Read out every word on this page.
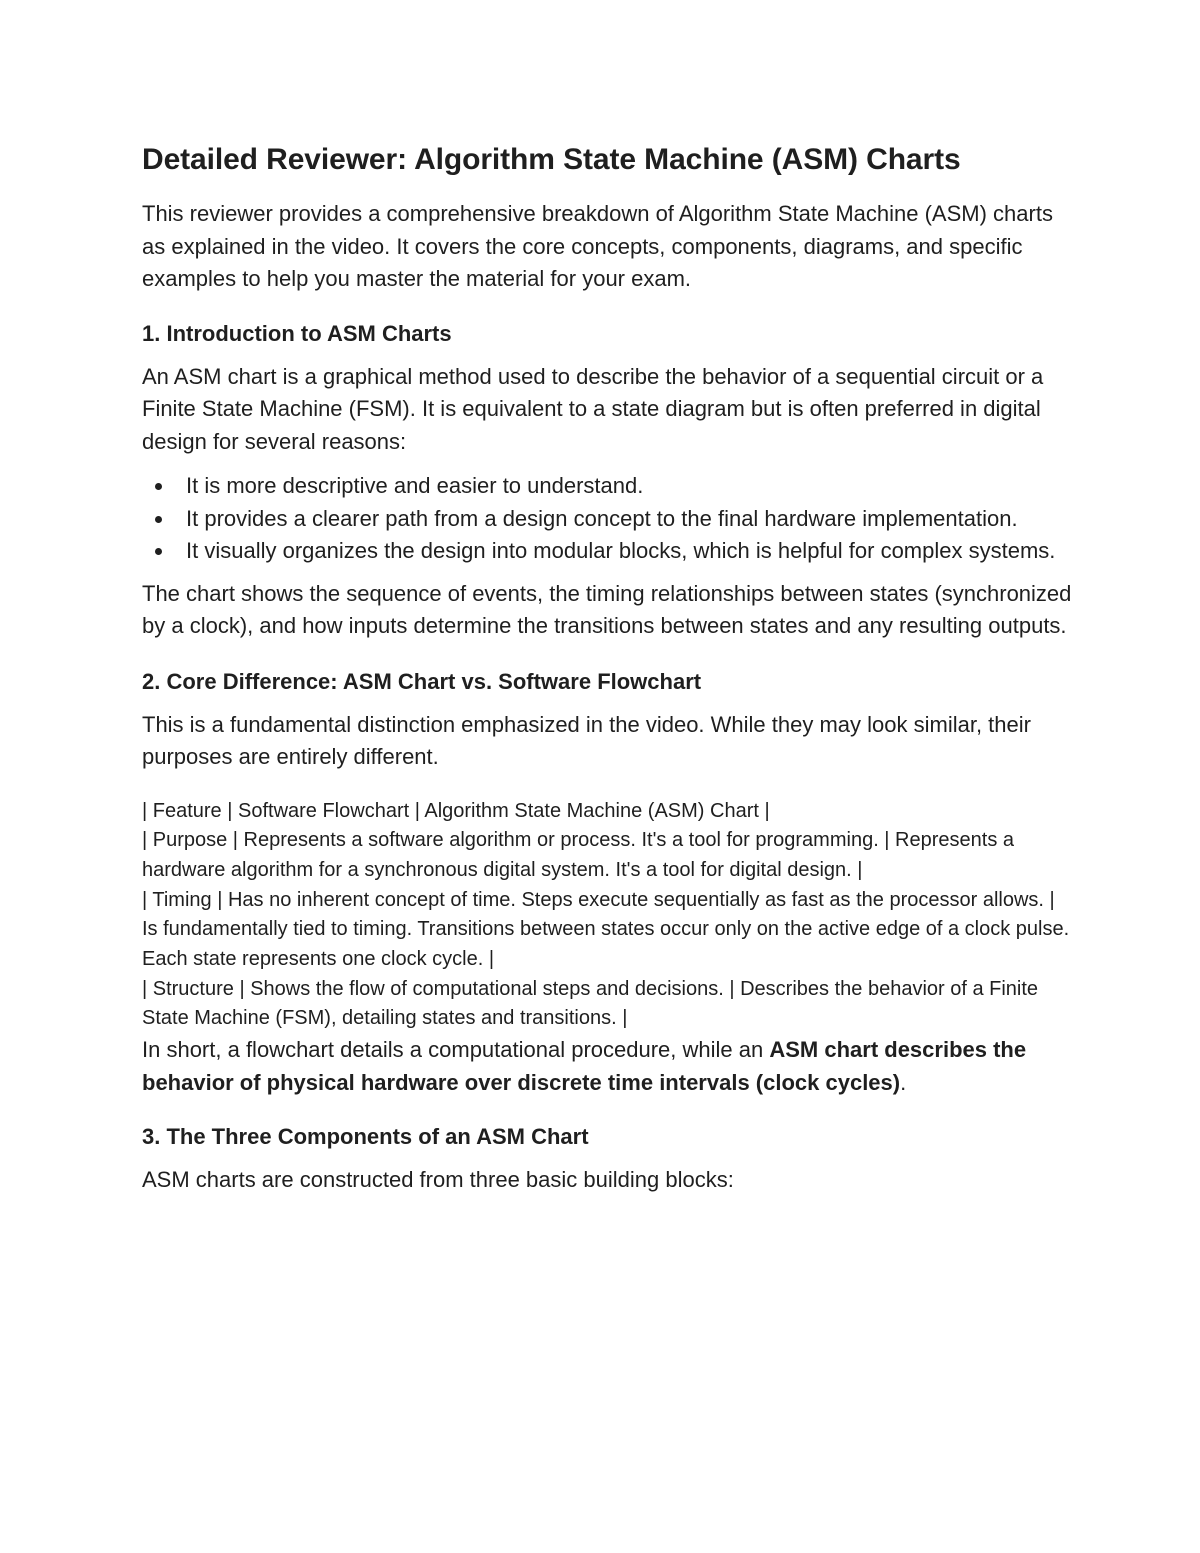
Detailed Reviewer: Algorithm State Machine (ASM) Charts

This reviewer provides a comprehensive breakdown of Algorithm State Machine (ASM) charts as explained in the video. It covers the core concepts, components, diagrams, and specific examples to help you master the material for your exam.

1. Introduction to ASM Charts

An ASM chart is a graphical method used to describe the behavior of a sequential circuit or a Finite State Machine (FSM). It is equivalent to a state diagram but is often preferred in digital design for several reasons:

It is more descriptive and easier to understand.
It provides a clearer path from a design concept to the final hardware implementation.
It visually organizes the design into modular blocks, which is helpful for complex systems.

The chart shows the sequence of events, the timing relationships between states (synchronized by a clock), and how inputs determine the transitions between states and any resulting outputs.

2. Core Difference: ASM Chart vs. Software Flowchart

This is a fundamental distinction emphasized in the video. While they may look similar, their purposes are entirely different.

| Feature | Software Flowchart | Algorithm State Machine (ASM) Chart |

| Purpose | Represents a software algorithm or process. It's a tool for programming. | Represents a hardware algorithm for a synchronous digital system. It's a tool for digital design. |

| Timing | Has no inherent concept of time. Steps execute sequentially as fast as the processor allows. | Is fundamentally tied to timing. Transitions between states occur only on the active edge of a clock pulse. Each state represents one clock cycle. |

| Structure | Shows the flow of computational steps and decisions. | Describes the behavior of a Finite State Machine (FSM), detailing states and transitions. |

In short, a flowchart details a computational procedure, while an ASM chart describes the behavior of physical hardware over discrete time intervals (clock cycles).

3. The Three Components of an ASM Chart

ASM charts are constructed from three basic building blocks:
